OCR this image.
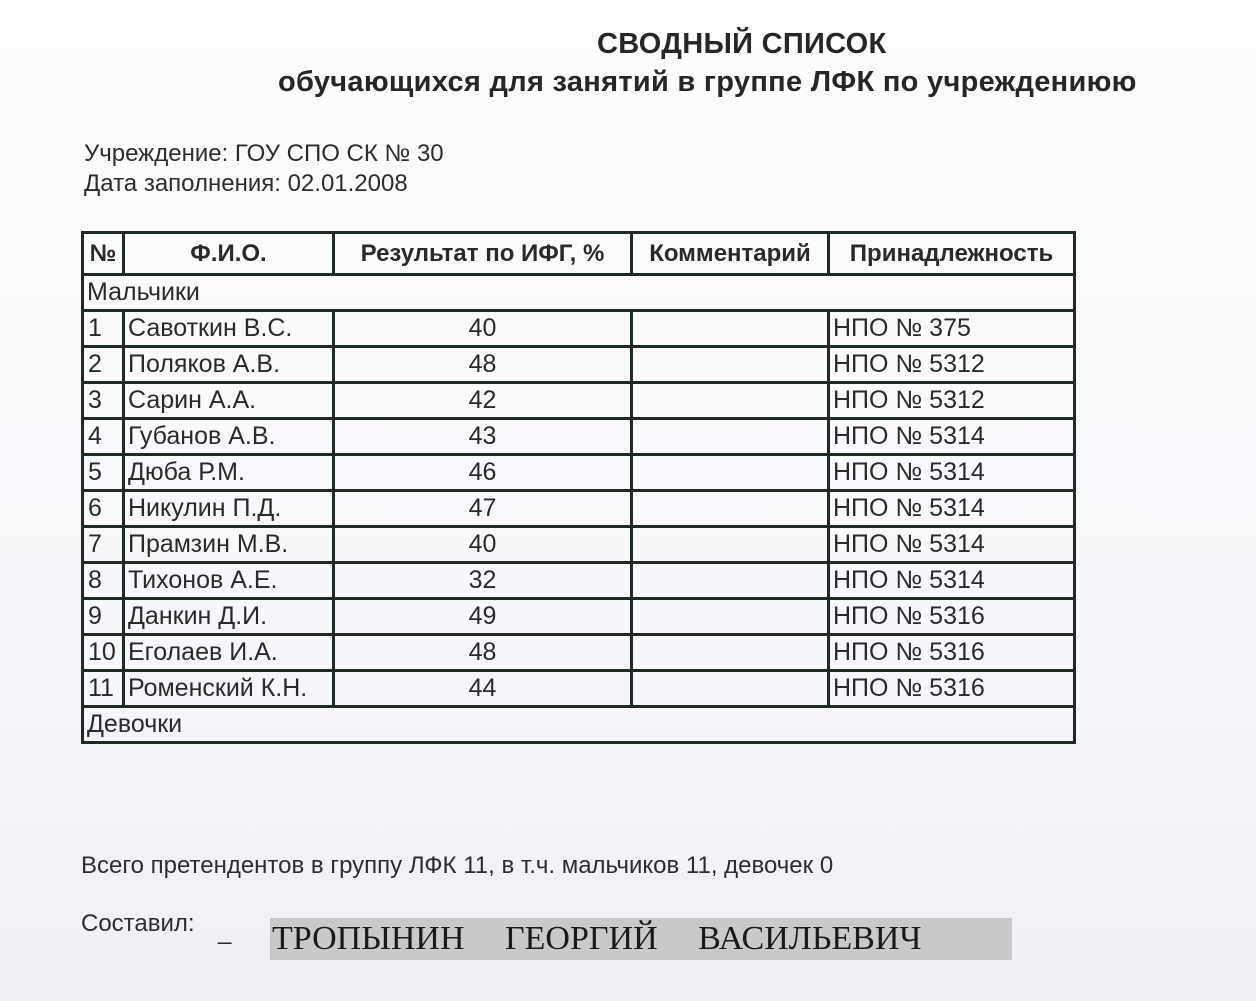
СВОДНЫЙ СПИСОК
обучающихся для занятий в группе ЛФК по учреждениюю
Учреждение: ГОУ СПО СК № 30
Дата заполнения: 02.01.2008
№	Ф.И.О.	Результат по ИФГ, %	Комментарий	Принадлежность
Мальчики				
1	Савоткин В.С.	40		НПО № 375
2	Поляков А.В.	48		НПО № 5312
3	Сарин А.А.	42		НПО № 5312
4	Губанов А.В.	43		НПО № 5314
5	Дюба Р.М.	46		НПО № 5314
6	Никулин П.Д.	47		НПО № 5314
7	Прамзин М.В.	40		НПО № 5314
8	Тихонов А.Е.	32		НПО № 5314
9	Данкин Д.И.	49		НПО № 5316
10	Еголаев И.А.	48		НПО № 5316
11	Роменский К.Н.	44		НПО № 5316
Девочки				
Всего претендентов в группу ЛФК 11, в т.ч. мальчиков 11, девочек 0
Составил: _ ТРОПЫНИН ГЕОРГИЙ ВАСИЛЬЕВИЧ
